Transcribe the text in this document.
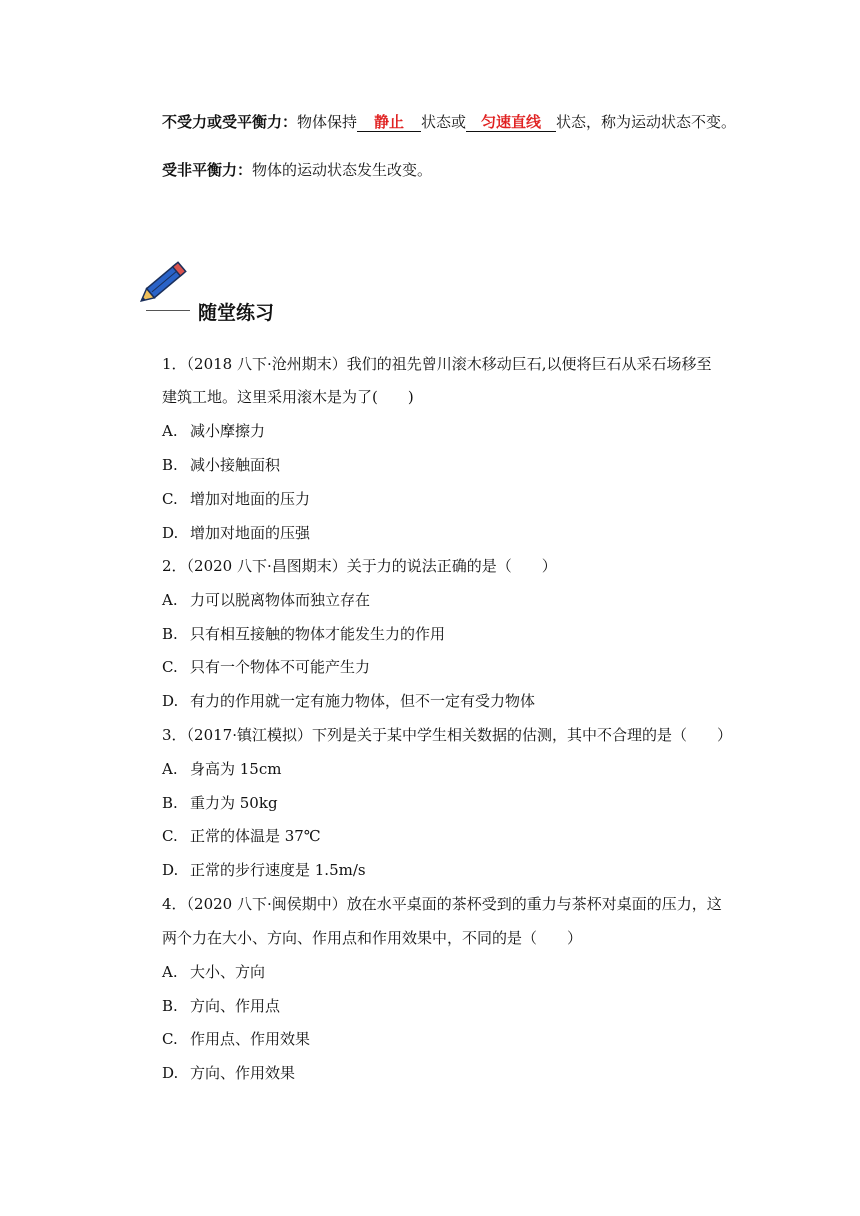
不受力或受平衡力：物体保持 静止 状态或 匀速直线 状态，称为运动状态不变。
受非平衡力：物体的运动状态发生改变。
随堂练习
1．（2018 八下·沧州期末）我们的祖先曾川滚木移动巨石,以便将巨石从采石场移至
建筑工地。这里采用滚木是为了(　　)
A. 减小摩擦力
B. 减小接触面积
C. 增加对地面的压力
D. 增加对地面的压强
2．（2020 八下·昌图期末）关于力的说法正确的是（　　）
A. 力可以脱离物体而独立存在
B. 只有相互接触的物体才能发生力的作用
C. 只有一个物体不可能产生力
D. 有力的作用就一定有施力物体，但不一定有受力物体
3．（2017·镇江模拟）下列是关于某中学生相关数据的估测，其中不合理的是（　　）
A. 身高为 15cm
B. 重力为 50kg
C. 正常的体温是 37℃
D. 正常的步行速度是 1.5m/s
4．（2020 八下·闽侯期中）放在水平桌面的茶杯受到的重力与茶杯对桌面的压力，这
两个力在大小、方向、作用点和作用效果中，不同的是（　　）
A. 大小、方向
B. 方向、作用点
C. 作用点、作用效果
D. 方向、作用效果
